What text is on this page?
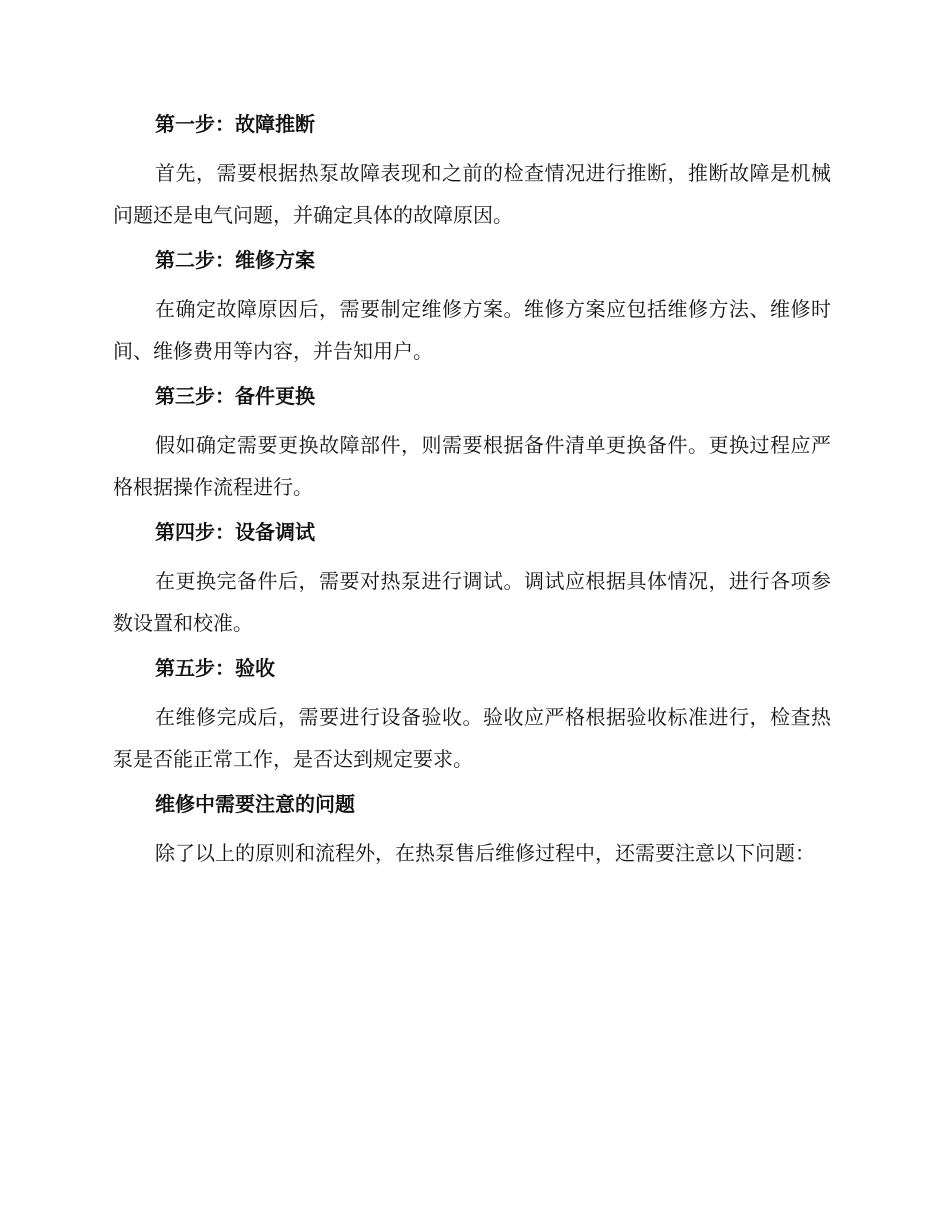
第一步：故障推断
首先，需要根据热泵故障表现和之前的检查情况进行推断，推断故障是机械问题还是电气问题，并确定具体的故障原因。
第二步：维修方案
在确定故障原因后，需要制定维修方案。维修方案应包括维修方法、维修时间、维修费用等内容，并告知用户。
第三步：备件更换
假如确定需要更换故障部件，则需要根据备件清单更换备件。更换过程应严格根据操作流程进行。
第四步：设备调试
在更换完备件后，需要对热泵进行调试。调试应根据具体情况，进行各项参数设置和校准。
第五步：验收
在维修完成后，需要进行设备验收。验收应严格根据验收标准进行，检查热泵是否能正常工作，是否达到规定要求。
维修中需要注意的问题
除了以上的原则和流程外，在热泵售后维修过程中，还需要注意以下问题：
